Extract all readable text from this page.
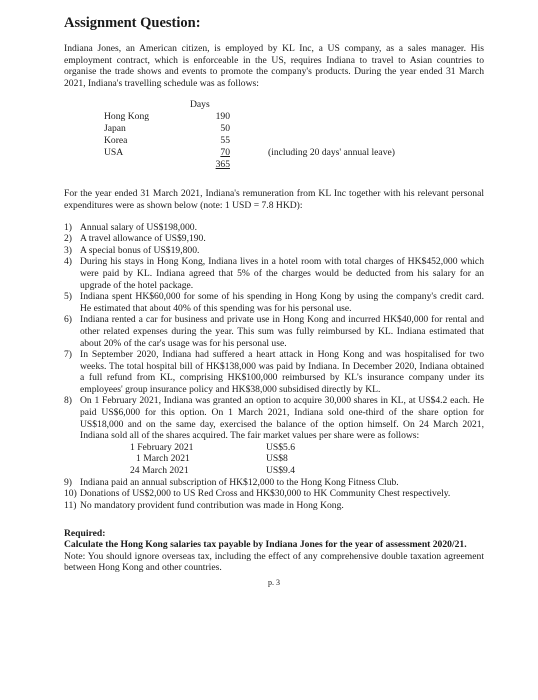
Assignment Question:

Indiana Jones, an American citizen, is employed by KL Inc, a US company, as a sales manager. His employment contract, which is enforceable in the US, requires Indiana to travel to Asian countries to organise the trade shows and events to promote the company's products. During the year ended 31 March 2021, Indiana's travelling schedule was as follows:

Days
Hong Kong	190
Japan	50
Korea	55
USA	70	(including 20 days' annual leave)
365

For the year ended 31 March 2021, Indiana's remuneration from KL Inc together with his relevant personal expenditures were as shown below (note: 1 USD = 7.8 HKD):

1) Annual salary of US$198,000.
2) A travel allowance of US$9,190.
3) A special bonus of US$19,800.
4) During his stays in Hong Kong, Indiana lives in a hotel room with total charges of HK$452,000 which were paid by KL. Indiana agreed that 5% of the charges would be deducted from his salary for an upgrade of the hotel package.
5) Indiana spent HK$60,000 for some of his spending in Hong Kong by using the company's credit card. He estimated that about 40% of this spending was for his personal use.
6) Indiana rented a car for business and private use in Hong Kong and incurred HK$40,000 for rental and other related expenses during the year. This sum was fully reimbursed by KL. Indiana estimated that about 20% of the car's usage was for his personal use.
7) In September 2020, Indiana had suffered a heart attack in Hong Kong and was hospitalised for two weeks. The total hospital bill of HK$138,000 was paid by Indiana. In December 2020, Indiana obtained a full refund from KL, comprising HK$100,000 reimbursed by KL's insurance company under its employees' group insurance policy and HK$38,000 subsidised directly by KL.
8) On 1 February 2021, Indiana was granted an option to acquire 30,000 shares in KL, at US$4.2 each. He paid US$6,000 for this option. On 1 March 2021, Indiana sold one-third of the share option for US$18,000 and on the same day, exercised the balance of the option himself. On 24 March 2021, Indiana sold all of the shares acquired. The fair market values per share were as follows:
1 February 2021	US$5.6
1 March 2021	US$8
24 March 2021	US$9.4
9) Indiana paid an annual subscription of HK$12,000 to the Hong Kong Fitness Club.
10) Donations of US$2,000 to US Red Cross and HK$30,000 to HK Community Chest respectively.
11) No mandatory provident fund contribution was made in Hong Kong.
Required:
Calculate the Hong Kong salaries tax payable by Indiana Jones for the year of assessment 2020/21.
Note: You should ignore overseas tax, including the effect of any comprehensive double taxation agreement between Hong Kong and other countries.
p. 3
